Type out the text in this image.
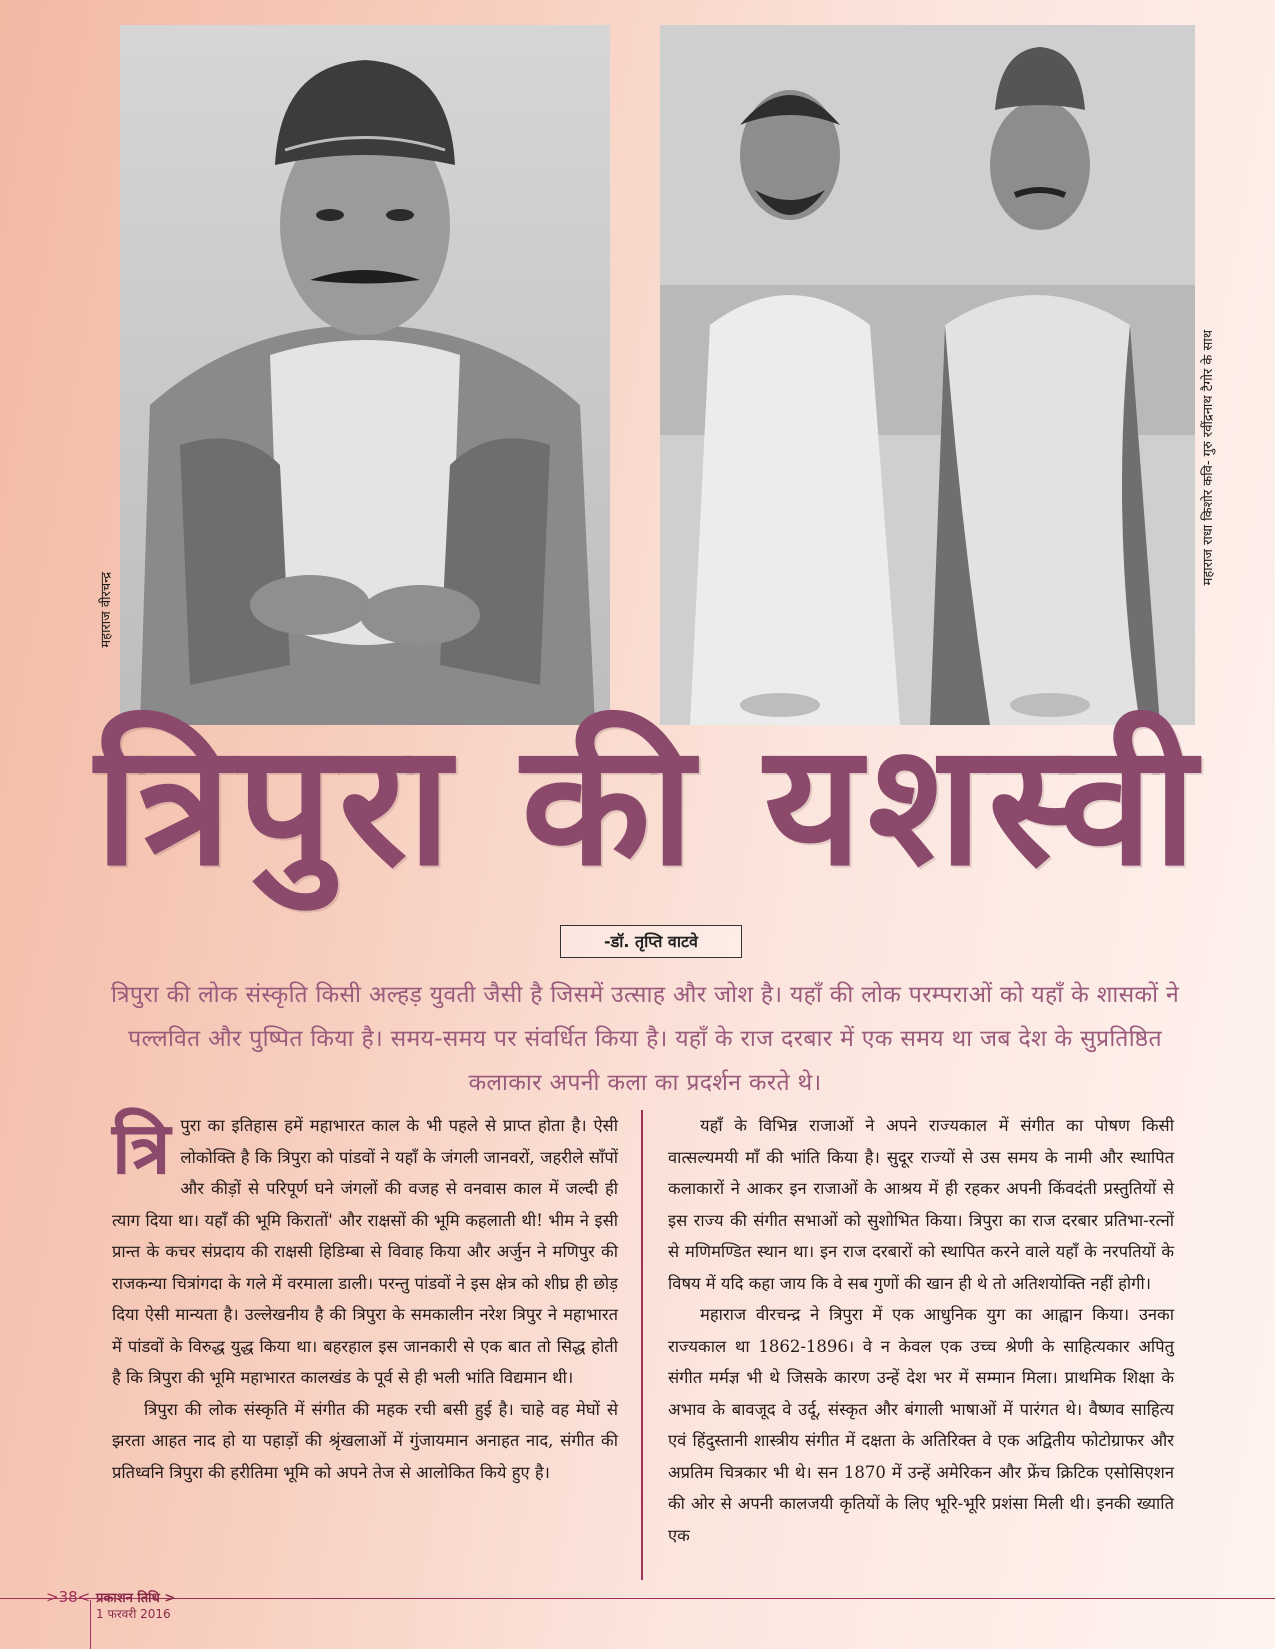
महाराज वीरचन्द्र
महाराज राधा किशोर कवि- गुरु रवींद्रनाथ टैगोर के साथ
त्रिपुरा की यशस्वी
-डॉ. तृप्ति वाटवे
त्रिपुरा की लोक संस्कृति किसी अल्हड़ युवती जैसी है जिसमें उत्साह और जोश है। यहाँ की लोक परम्पराओं को यहाँ के शासकों ने पल्लवित और पुष्पित किया है। समय-समय पर संवर्धित किया है। यहाँ के राज दरबार में एक समय था जब देश के सुप्रतिष्ठित कलाकार अपनी कला का प्रदर्शन करते थे।
त्रि पुरा का इतिहास हमें महाभारत काल के भी पहले से प्राप्त होता है। ऐसी लोकोक्ति है कि त्रिपुरा को पांडवों ने यहाँ के जंगली जानवरों, जहरीले साँपों और कीड़ों से परिपूर्ण घने जंगलों की वजह से वनवास काल में जल्दी ही त्याग दिया था। यहाँ की भूमि किरातों' और राक्षसों की भूमि कहलाती थी! भीम ने इसी प्रान्त के कचर संप्रदाय की राक्षसी हिडिम्बा से विवाह किया और अर्जुन ने मणिपुर की राजकन्या चित्रांगदा के गले में वरमाला डाली। परन्तु पांडवों ने इस क्षेत्र को शीघ्र ही छोड़ दिया ऐसी मान्यता है। उल्लेखनीय है की त्रिपुरा के समकालीन नरेश त्रिपुर ने महाभारत में पांडवों के विरुद्ध युद्ध किया था। बहरहाल इस जानकारी से एक बात तो सिद्ध होती है कि त्रिपुरा की भूमि महाभारत कालखंड के पूर्व से ही भली भांति विद्यमान थी।

त्रिपुरा की लोक संस्कृति में संगीत की महक रची बसी हुई है। चाहे वह मेघों से झरता आहत नाद हो या पहाड़ों की श्रृंखलाओं में गुंजायमान अनाहत नाद, संगीत की प्रतिध्वनि त्रिपुरा की हरीतिमा भूमि को अपने तेज से आलोकित किये हुए है।

यहाँ के विभिन्न राजाओं ने अपने राज्यकाल में संगीत का पोषण किसी वात्सल्यमयी माँ की भांति किया है। सुदूर राज्यों से उस समय के नामी और स्थापित कलाकारों ने आकर इन राजाओं के आश्रय में ही रहकर अपनी किंवदंती प्रस्तुतियों से इस राज्य की संगीत सभाओं को सुशोभित किया। त्रिपुरा का राज दरबार प्रतिभा-रत्नों से मणिमण्डित स्थान था। इन राज दरबारों को स्थापित करने वाले यहाँ के नरपतियों के विषय में यदि कहा जाय कि वे सब गुणों की खान ही थे तो अतिशयोक्ति नहीं होगी।

महाराज वीरचन्द्र ने त्रिपुरा में एक आधुनिक युग का आह्वान किया। उनका राज्यकाल था 1862-1896। वे न केवल एक उच्च श्रेणी के साहित्यकार अपितु संगीत मर्मज्ञ भी थे जिसके कारण उन्हें देश भर में सम्मान मिला। प्राथमिक शिक्षा के अभाव के बावजूद वे उर्दू, संस्कृत और बंगाली भाषाओं में पारंगत थे। वैष्णव साहित्य एवं हिंदुस्तानी शास्त्रीय संगीत में दक्षता के अतिरिक्त वे एक अद्वितीय फोटोग्राफर और अप्रतिम चित्रकार भी थे। सन 1870 में उन्हें अमेरिकन और फ्रेंच क्रिटिक एसोसिएशन की ओर से अपनी कालजयी कृतियों के लिए भूरि-भूरि प्रशंसा मिली थी। इनकी ख्याति एक

>38< प्रकाशन तिथि >
1 फरवरी 2016
